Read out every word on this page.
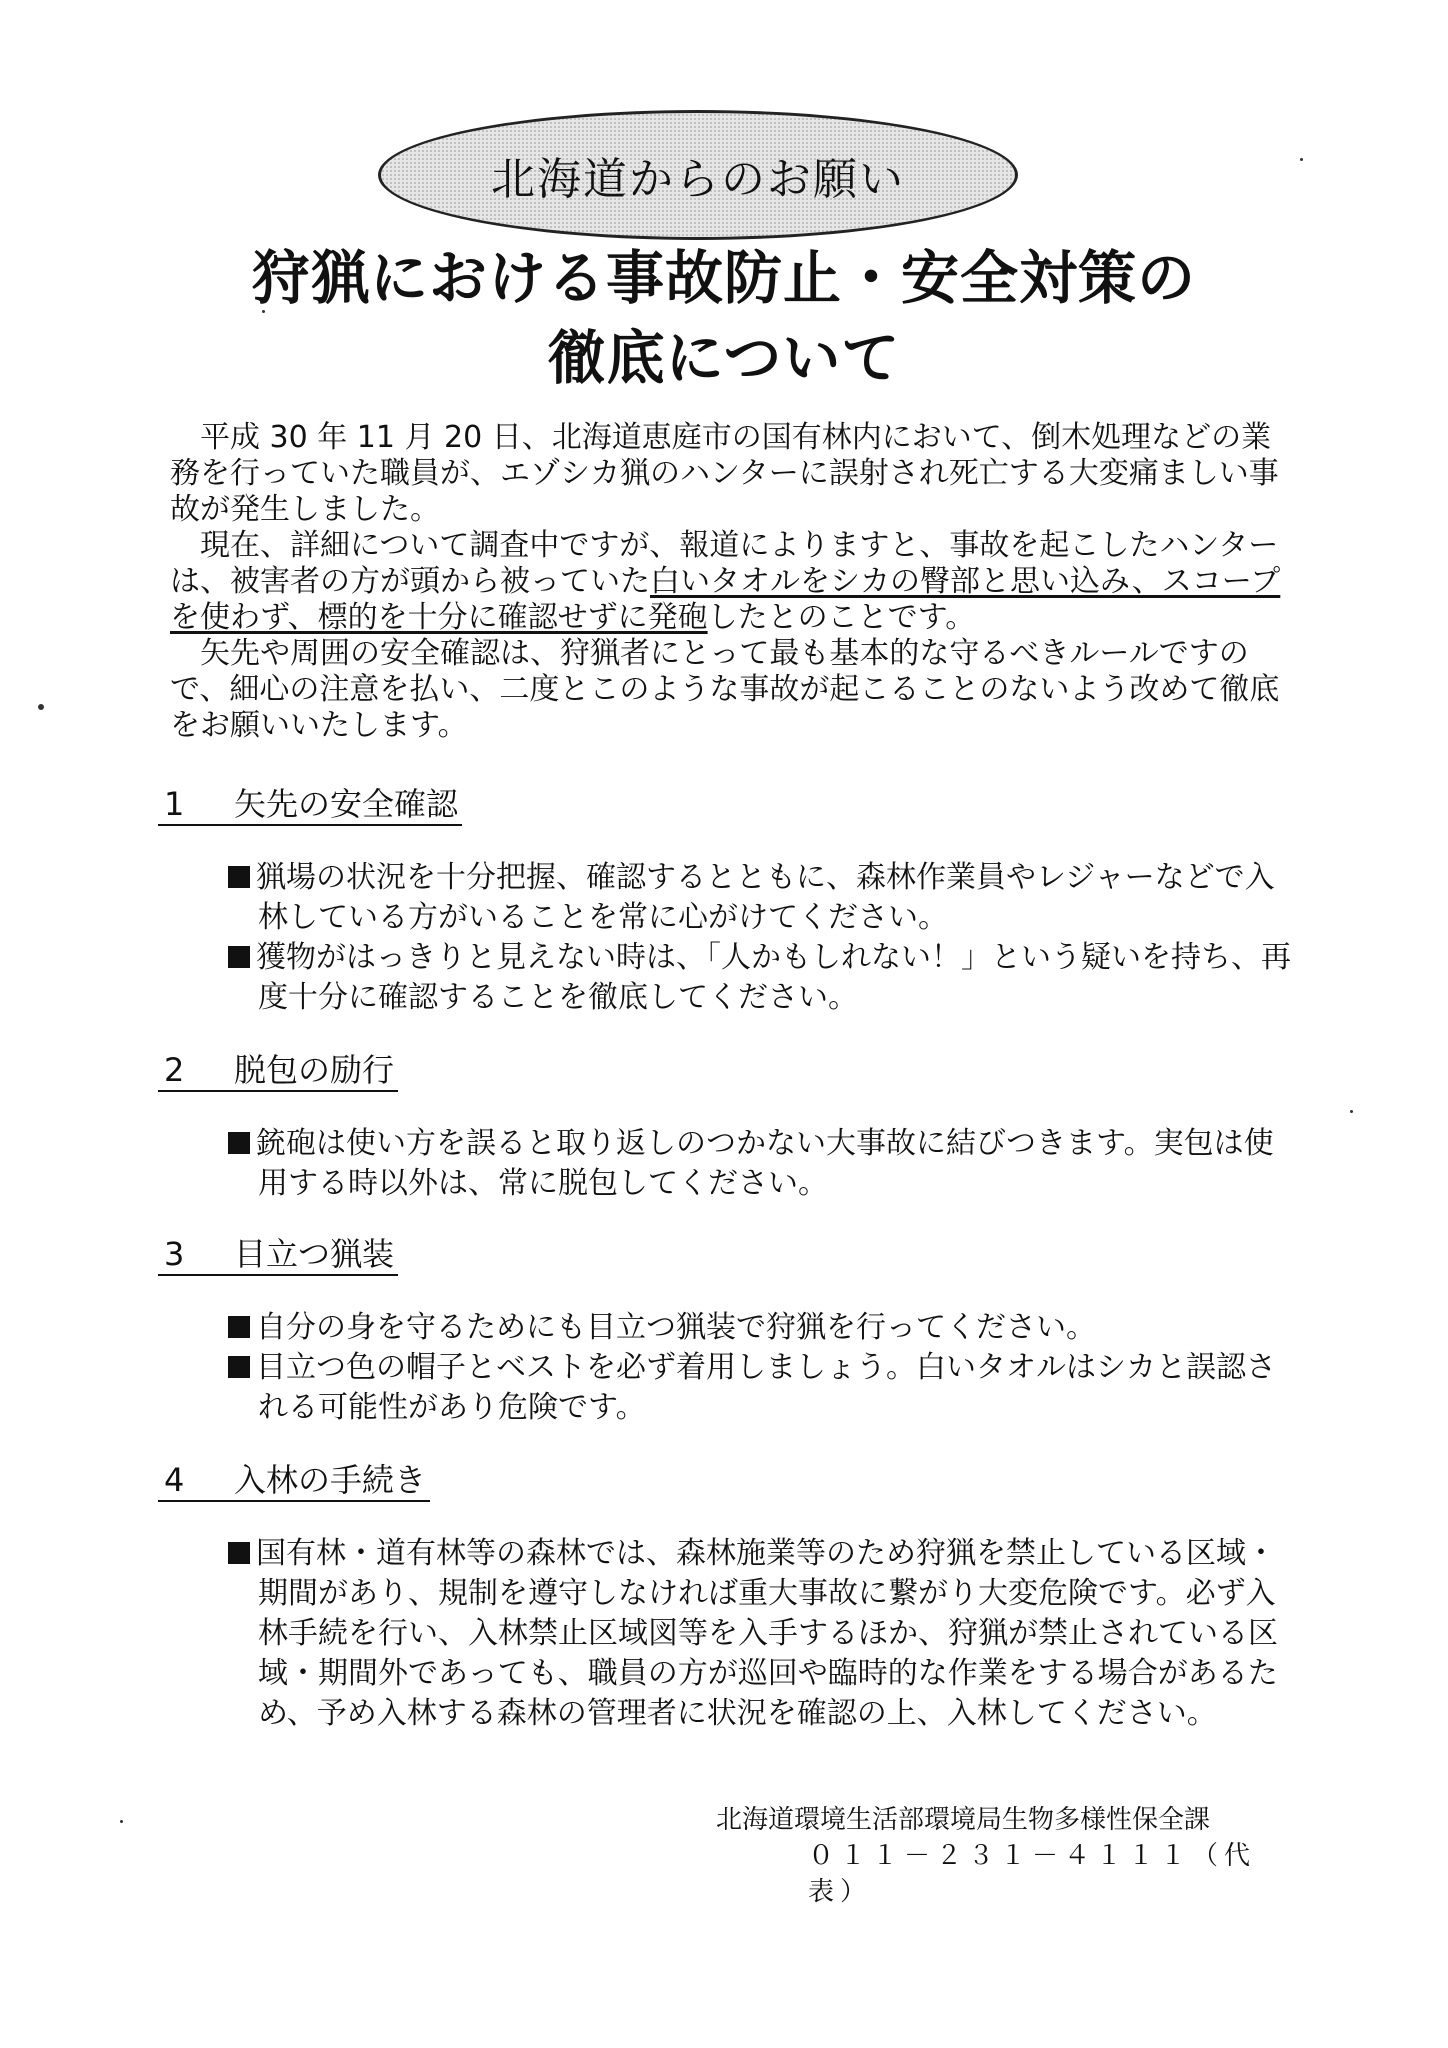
北海道からのお願い
狩猟における事故防止・安全対策の
徹底について

平成 30 年 11 月 20 日、北海道恵庭市の国有林内において、倒木処理などの業務を行っていた職員が、エゾシカ猟のハンターに誤射され死亡する大変痛ましい事故が発生しました。

現在、詳細について調査中ですが、報道によりますと、事故を起こしたハンターは、被害者の方が頭から被っていた白いタオルをシカの臀部と思い込み、スコープを使わず、標的を十分に確認せずに発砲したとのことです。

矢先や周囲の安全確認は、狩猟者にとって最も基本的な守るべきルールですので、細心の注意を払い、二度とこのような事故が起こることのないよう改めて徹底をお願いいたします。

1 矢先の安全確認

猟場の状況を十分把握、確認するとともに、森林作業員やレジャーなどで入林している方がいることを常に心がけてください。

獲物がはっきりと見えない時は、「人かもしれない！」という疑いを持ち、再度十分に確認することを徹底してください。

2 脱包の励行

銃砲は使い方を誤ると取り返しのつかない大事故に結びつきます。実包は使用する時以外は、常に脱包してください。

3 目立つ猟装

自分の身を守るためにも目立つ猟装で狩猟を行ってください。

目立つ色の帽子とベストを必ず着用しましょう。白いタオルはシカと誤認される可能性があり危険です。

4 入林の手続き

国有林・道有林等の森林では、森林施業等のため狩猟を禁止している区域・期間があり、規制を遵守しなければ重大事故に繋がり大変危険です。必ず入林手続を行い、入林禁止区域図等を入手するほか、狩猟が禁止されている区域・期間外であっても、職員の方が巡回や臨時的な作業をする場合があるため、予め入林する森林の管理者に状況を確認の上、入林してください。

北海道環境生活部環境局生物多様性保全課
０１１－２３１－４１１１（代表）
